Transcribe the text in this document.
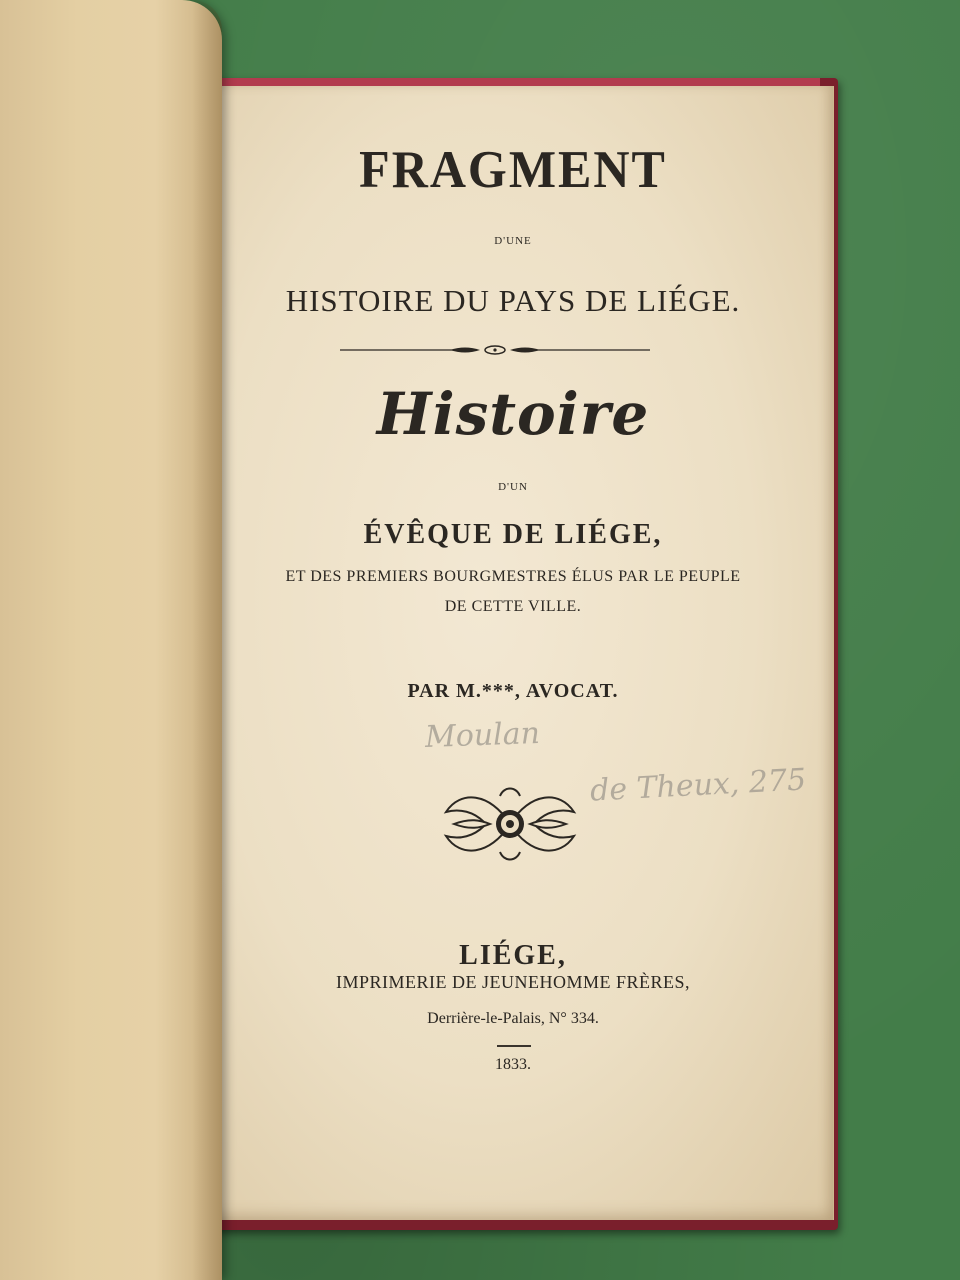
FRAGMENT
D'UNE
HISTOIRE DU PAYS DE LIÉGE.
Histoire
D'UN
ÉVÊQUE DE LIÉGE,
ET DES PREMIERS BOURGMESTRES ÉLUS PAR LE PEUPLE
DE CETTE VILLE.
PAR M.***, AVOCAT.
Moulan
de Theux, 275
LIÉGE,
IMPRIMERIE DE JEUNEHOMME FRÈRES,
Derrière-le-Palais, N° 334.
1833.
